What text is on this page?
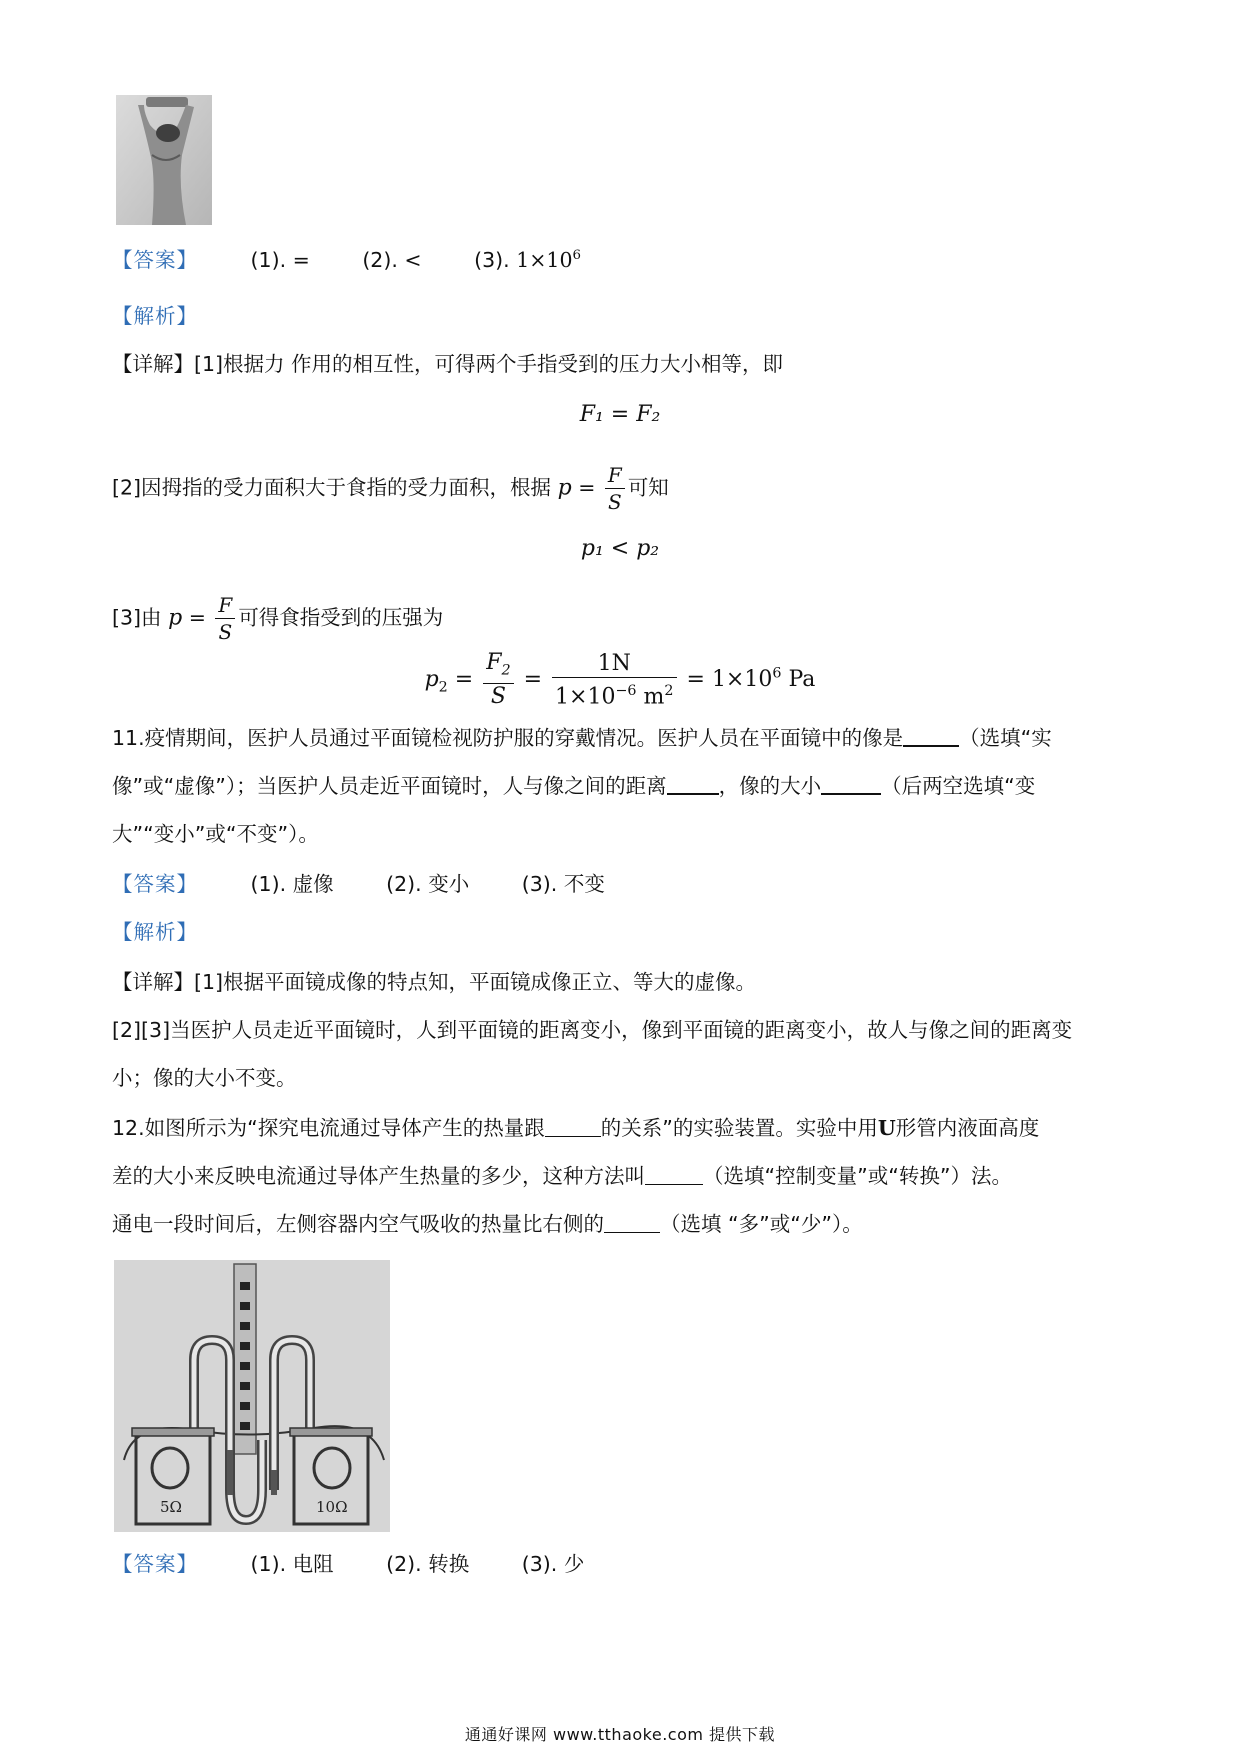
【答案】	(1). =	(2). <	(3). $1\times 10^6$
【解析】
【详解】[1]根据力 作用的相互性，可得两个手指受到的压力大小相等，即
F₁ = F₂
[2]因拇指的受力面积大于食指的受力面积，根据 $p = \frac{F}{S}$ 可知
p₁ < p₂
[3]由 $p = \frac{F}{S}$ 可得食指受到的压强为
$p_2 = \frac{F_2}{S} = \frac{1N}{1\times 10^{-6} m^2} = 1\times 10^6$ Pa
11.疫情期间，医护人员通过平面镜检视防护服的穿戴情况。医护人员在平面镜中的像是	（选填“实
像”或“虚像”）；当医护人员走近平面镜时，人与像之间的距离	，像的大小	（后两空选填“变
大”“变小”或“不变”）。
【答案】	(1). 虚像	(2). 变小	(3). 不变
【解析】
【详解】[1]根据平面镜成像的特点知，平面镜成像正立、等大的虚像。
[2][3]当医护人员走近平面镜时，人到平面镜的距离变小，像到平面镜的距离变小，故人与像之间的距离变
小；像的大小不变。
12.如图所示为“探究电流通过导体产生的热量跟	的关系”的实验装置。实验中用U形管内液面高度
差的大小来反映电流通过导体产生热量的多少，这种方法叫	（选填“控制变量”或“转换”）法。
通电一段时间后，左侧容器内空气吸收的热量比右侧的	（选填 “多”或“少”）。
5Ω	10Ω
【答案】	(1). 电阻	(2). 转换	(3). 少
通通好课网 www.tthaoke.com 提供下载
